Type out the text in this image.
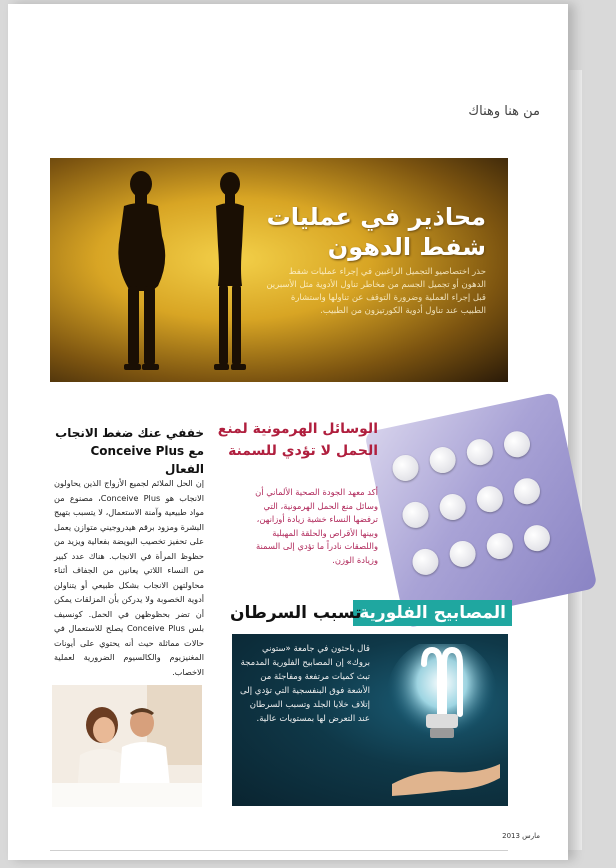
من هنا وهناك
محاذير في عمليات شفط الدهون
حذر اختصاصيو التجميل الراغبين في إجراء عمليات شفط الدهون أو تجميل الجسم من مخاطر تناول الأدوية مثل الأسبرين قبل إجراء العملية وضرورة التوقف عن تناولها واستشارة الطبيب عند تناول أدوية الكورتيزون من الطبيب.
خففي عنك ضغط الانجاب مع Conceive Plus الفعال
إن الحل الملائم لجميع الأزواج الذين يحاولون الانجاب هو Conceive Plus، مصنوع من مواد طبيعية وآمنة الاستعمال، لا يتسبب بتهيج البشرة ومزود برقم هيدروجيني متوازن يعمل على تحفيز تخصيب البويضة بفعالية ويزيد من حظوظ المرأة في الانجاب. هناك عدد كبير من النساء اللاتي يعانين من الجفاف أثناء محاولتهن الانجاب بشكل طبيعي أو يتناولن أدوية الخصوبة ولا يدركن بأن المزلقات يمكن أن تضر بحظوظهن في الحمل. كونسيف بلس Conceive Plus يصلح للاستعمال في حالات مماثلة حيث أنه يحتوي على أيونات المغنيزيوم والكالسيوم الضرورية لعملية الاخصاب.
الوسائل الهرمونية لمنع الحمل لا تؤدي للسمنة
أكد معهد الجودة الصحية الألماني أن وسائل منع الحمل الهرمونية، التي ترفضها النساء خشية زيادة أوزانهن، وبينها الأقراص والحلقة المهبلية واللصقات نادراً ما تؤدي إلى السمنة وزيادة الوزن.
المصابيح الفلورية
تسبب السرطان
قال باحثون في جامعة «ستوني بروك» إن المصابيح الفلورية المدمجة تبث كميات مرتفعة ومفاجئة من الأشعة فوق البنفسجية التي تؤدي إلى إتلاف خلايا الجلد وتسبب السرطان عند التعرض لها بمستويات عالية.
مارس 2013
